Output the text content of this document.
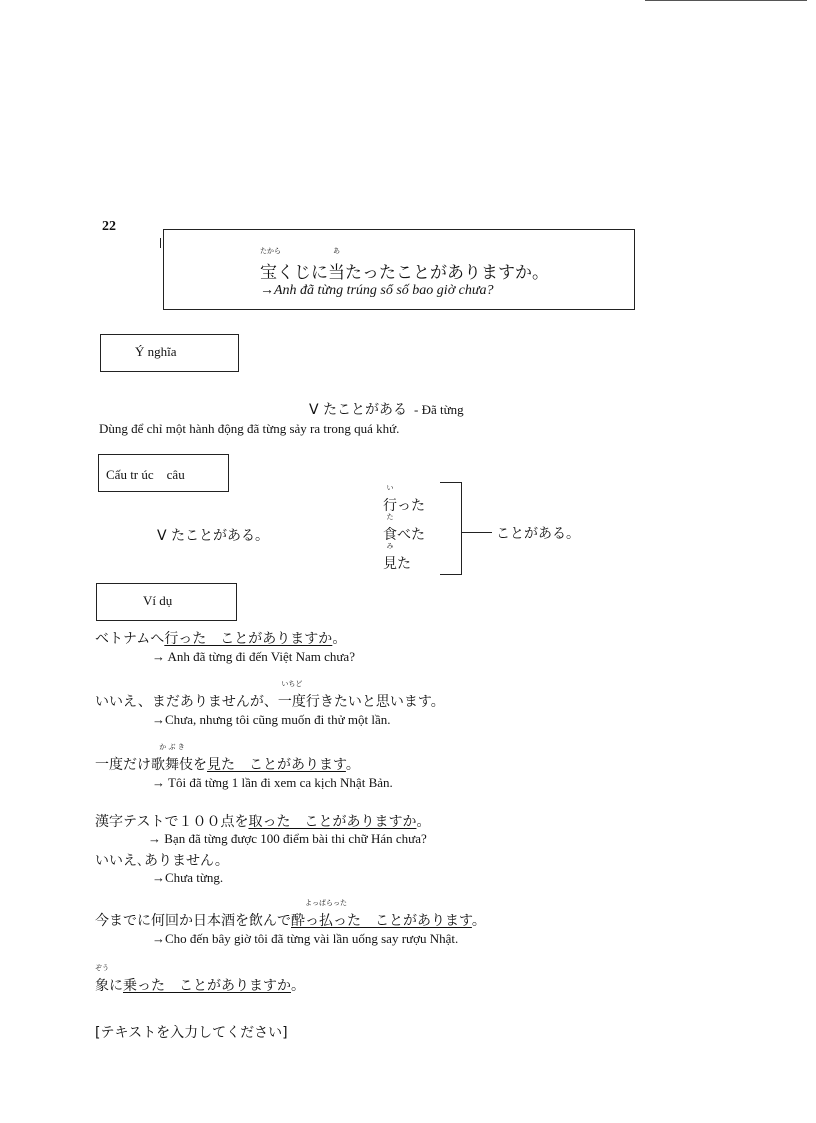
22
宝
たから
くじに当
あ
たったことがありますか。
→Anh đã từng trúng sổ số bao giờ chưa?
Ý nghĩa
V たことがある - Đã từng
Dùng để chỉ một hành động đã từng sảy ra trong quá khứ.
Cấu tr úc　câu
V たことがある。
行
い
った
食
た
べた
見
み
た
ことがある。
Ví dụ
ベトナムへ行った　ことがありますか。
→ Anh đã từng đi đến Việt Nam chưa?
いいえ、まだありませんが、一度
いちど
行きたいと思います。
→Chưa, nhưng tôi cũng muốn đi thử một lần.
一度だけ歌舞伎
か ぶ き
を見た　ことがあります。
→ Tôi đã từng 1 lần đi xem ca kịch Nhật Bản.
漢字テストで１００点を取った　ことがありますか。
→ Bạn đã từng được 100 điểm bài thi chữ Hán chưa?
いいえ､ありません。
→Chưa từng.
今までに何回か日本酒を飲んで酔っ払った
よっぱらった
　ことがあります。
→Cho đến bây giờ tôi đã từng vài lần uống say rượu Nhật.
象
ぞう
に乗った　ことがありますか。
[テキストを入力してください]
